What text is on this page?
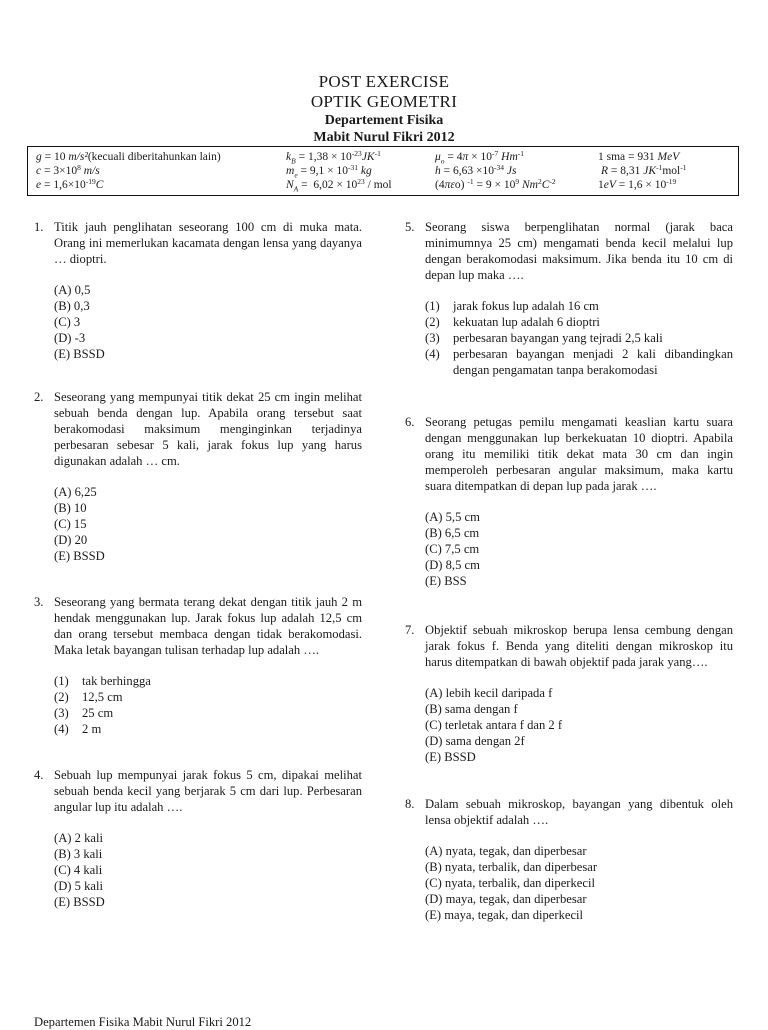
POST EXERCISE
OPTIK GEOMETRI
Departement Fisika
Mabit Nurul Fikri 2012
g = 10 m/s²(kecuali diberitahunkan lain)	$k_B = 1,38 \times 10^{-23}JK^{-1}$	$\mu_o = 4\pi \times 10^{-7}$ $Hm^{-1}$	1 sma = 931 MeV
$c = 3\times 10^8$ m/s	$m_e = 9,1 \times 10^{-31}$ kg	$h = 6,63 \times 10^{-34}$ Js	R = 8,31 $JK^{-1}mol^{-1}$
$e = 1,6\times 10^{-19}C$	$N_A = 6,02 \times 10^{23}$ / mol	(4πεo) $^{-1} = 9 \times 10^9$ $Nm^2C^{-2}$	$1eV = 1,6 \times 10^{-19}$
1. Titik jauh penglihatan seseorang 100 cm di muka mata. Orang ini memerlukan kacamata dengan lensa yang dayanya … dioptri.
(A) 0,5
(B) 0,3
(C) 3
(D) -3
(E) BSSD
2. Seseorang yang mempunyai titik dekat 25 cm ingin melihat sebuah benda dengan lup. Apabila orang tersebut saat berakomodasi maksimum menginginkan terjadinya perbesaran sebesar 5 kali, jarak fokus lup yang harus digunakan adalah … cm.
(A) 6,25
(B) 10
(C) 15
(D) 20
(E) BSSD
3. Seseorang yang bermata terang dekat dengan titik jauh 2 m hendak menggunakan lup. Jarak fokus lup adalah 12,5 cm dan orang tersebut membaca dengan tidak berakomodasi. Maka letak bayangan tulisan terhadap lup adalah ….
(1) tak berhingga
(2) 12,5 cm
(3) 25 cm
(4) 2 m
4. Sebuah lup mempunyai jarak fokus 5 cm, dipakai melihat sebuah benda kecil yang berjarak 5 cm dari lup. Perbesaran angular lup itu adalah ….
(A) 2 kali
(B) 3 kali
(C) 4 kali
(D) 5 kali
(E) BSSD
5. Seorang siswa berpenglihatan normal (jarak baca minimumnya 25 cm) mengamati benda kecil melalui lup dengan berakomodasi maksimum. Jika benda itu 10 cm di depan lup maka ….
(1) jarak fokus lup adalah 16 cm
(2) kekuatan lup adalah 6 dioptri
(3) perbesaran bayangan yang tejradi 2,5 kali
(4) perbesaran bayangan menjadi 2 kali dibandingkan dengan pengamatan tanpa berakomodasi
6. Seorang petugas pemilu mengamati keaslian kartu suara dengan menggunakan lup berkekuatan 10 dioptri. Apabila orang itu memiliki titik dekat mata 30 cm dan ingin memperoleh perbesaran angular maksimum, maka kartu suara ditempatkan di depan lup pada jarak ….
(A) 5,5 cm
(B) 6,5 cm
(C) 7,5 cm
(D) 8,5 cm
(E) BSS
7. Objektif sebuah mikroskop berupa lensa cembung dengan jarak fokus f. Benda yang diteliti dengan mikroskop itu harus ditempatkan di bawah objektif pada jarak yang….
(A) lebih kecil daripada f
(B) sama dengan f
(C) terletak antara f dan 2 f
(D) sama dengan 2f
(E) BSSD
8. Dalam sebuah mikroskop, bayangan yang dibentuk oleh lensa objektif adalah ….
(A) nyata, tegak, dan diperbesar
(B) nyata, terbalik, dan diperbesar
(C) nyata, terbalik, dan diperkecil
(D) maya, tegak, dan diperbesar
(E) maya, tegak, dan diperkecil
Departemen Fisika Mabit Nurul Fikri 2012
